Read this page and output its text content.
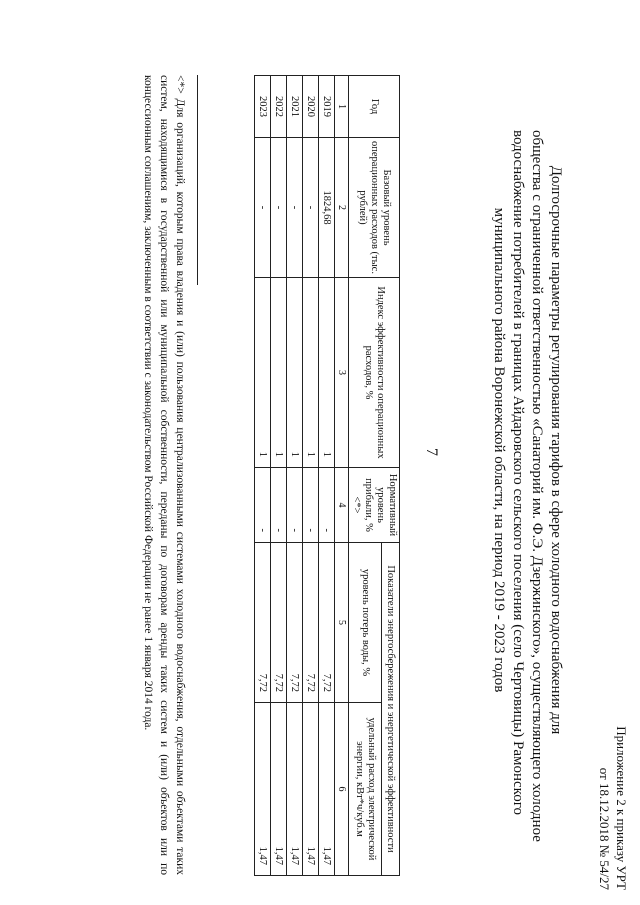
7
Приложение 2 к приказу УРТ
от 18.12.2018 № 54/27
Долгосрочные параметры регулирования тарифов в сфере холодного водоснабжения для
общества с ограниченной ответственностью «Санаторий им. Ф.Э. Дзержинского», осуществляющего холодное
водоснабжение потребителей в границах Айдаровского сельского поселения (село Чертовицы) Рамонского
муниципального района Воронежской области, на период 2019 - 2023 годов
Год	Базовый уровень операционных расходов (тыс. рублей)	Индекс эффективности операционных расходов, %	Нормативный уровень прибыли, % <*>	Показатели энергосбережения и энергетической эффективности	
				уровень потерь воды, %	удельный расход электрической энергии, кВт*ч/куб.м
1	2	3	4	5	6
2019	1824,68	1	-	7,72	1,47
2020	-	1	-	7,72	1,47
2021	-	1	-	7,72	1,47
2022	-	1	-	7,72	1,47
2023	-	1	-	7,72	1,47
<*> Для организаций, которым права владения и (или) пользования централизованными системами холодного водоснабжения, отдельными объектами таких систем, находящимися в государственной или муниципальной собственности, переданы по договорам аренды таких систем и (или) объектов или по концессионным соглашениям, заключенным в соответствии с законодательством Российской Федерации не ранее 1 января 2014 года.
